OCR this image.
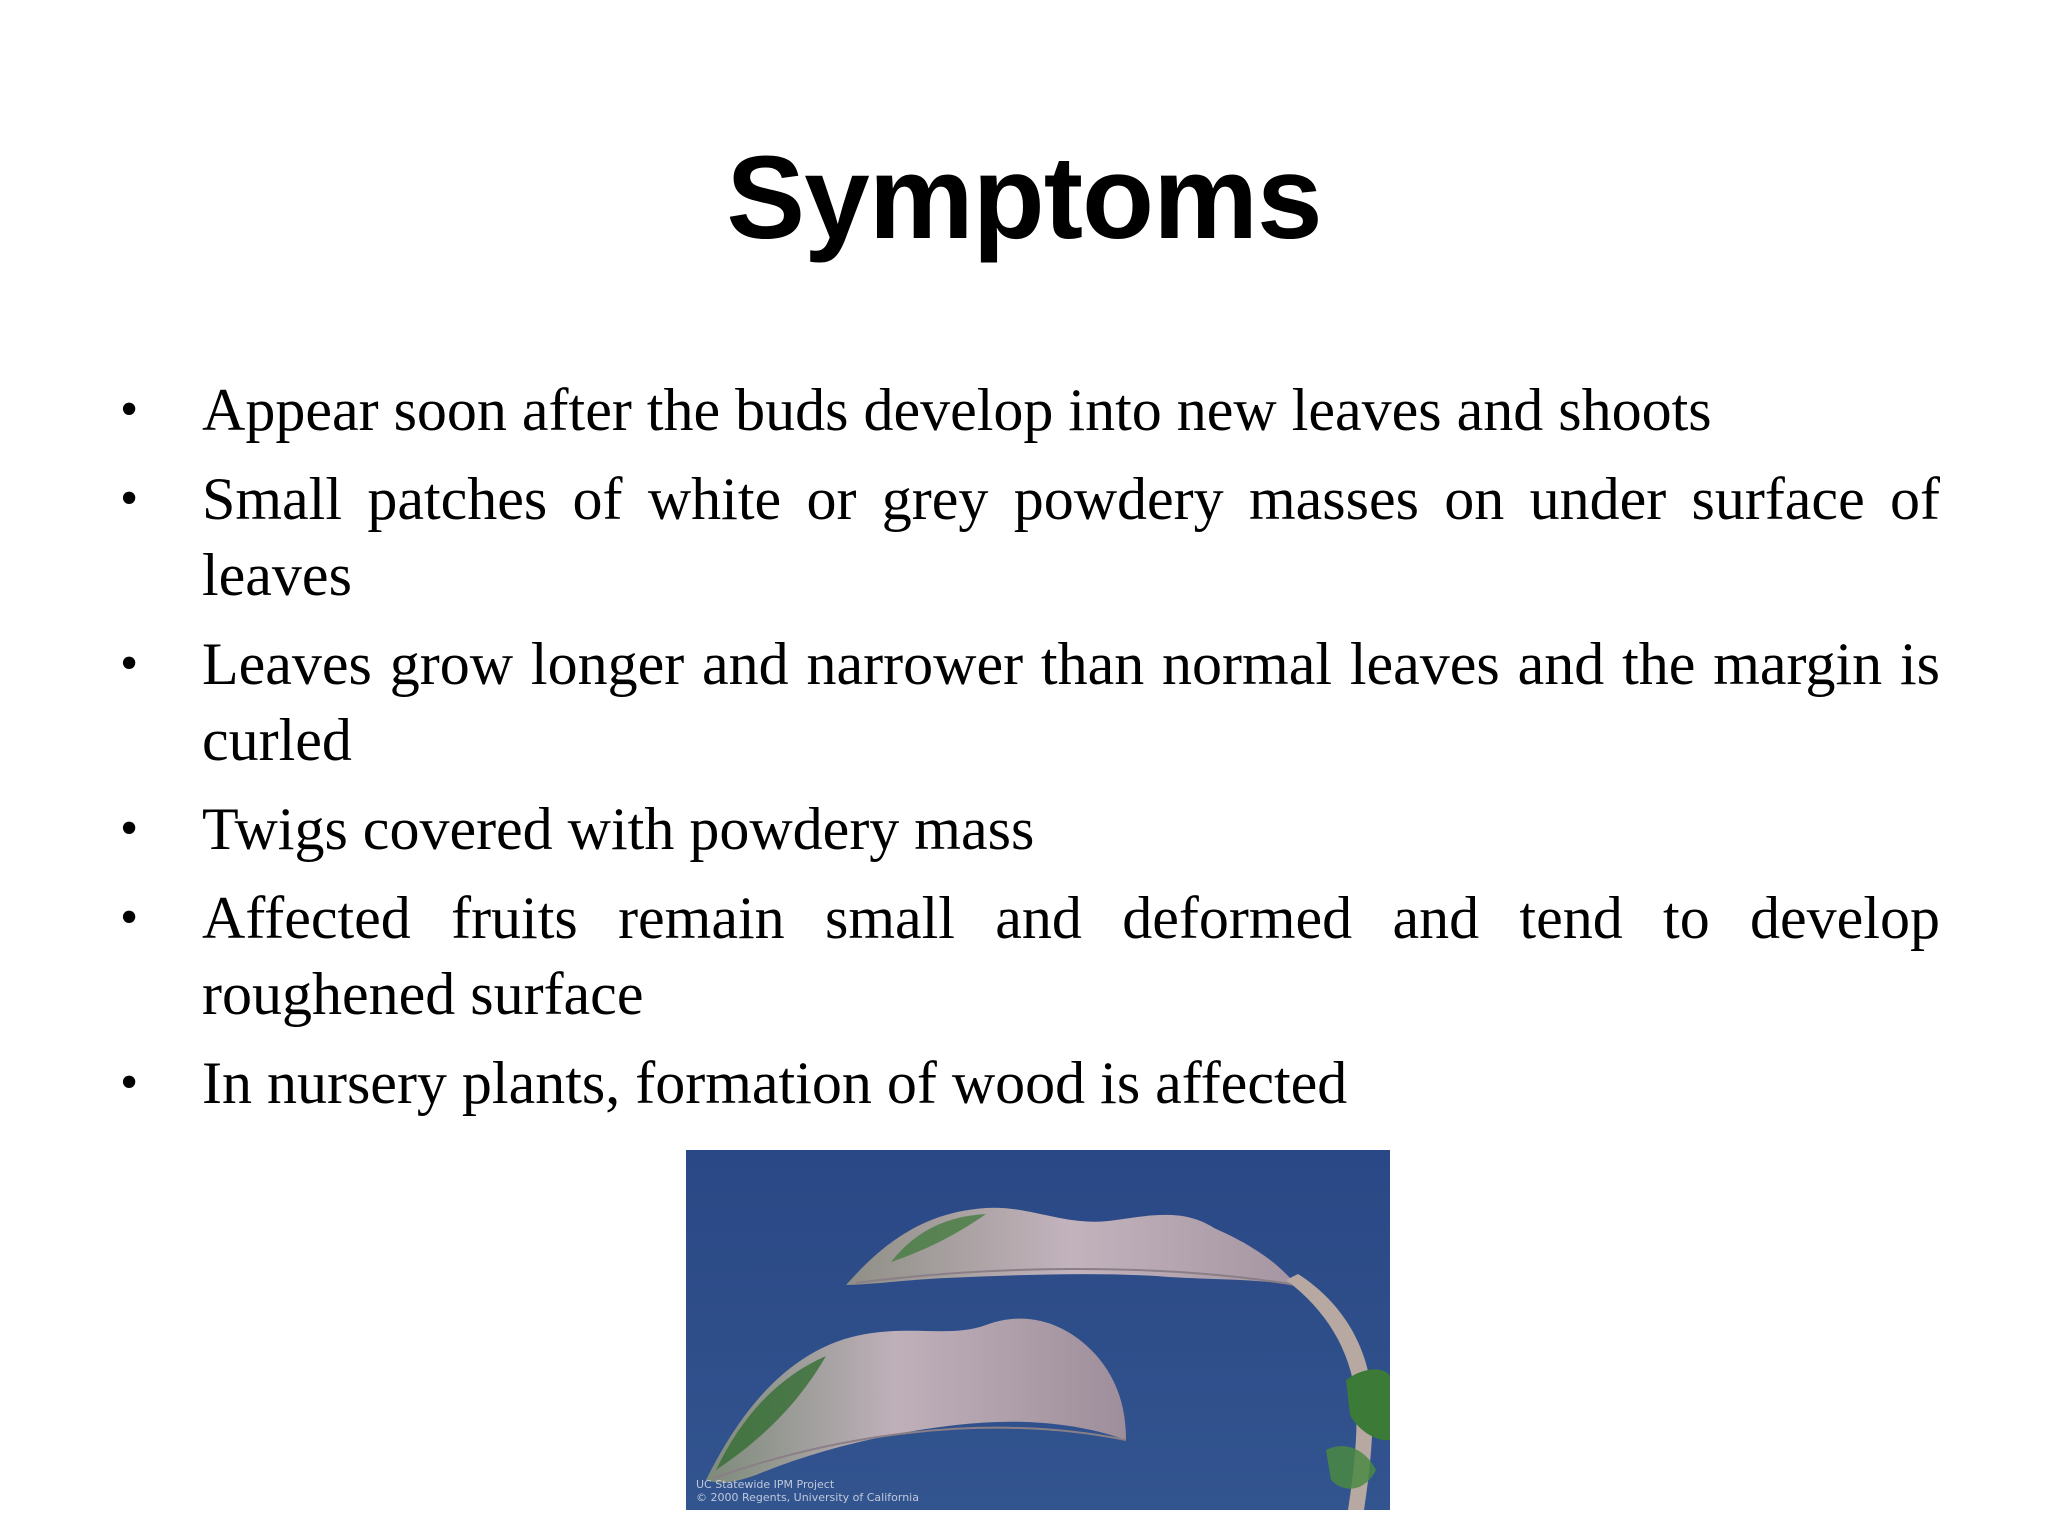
Symptoms
•	Appear soon after the buds develop into new leaves and shoots
•	Small patches of white or grey powdery masses on under surface of leaves
•	Leaves grow longer and narrower than normal leaves and the margin is curled
•	Twigs covered with powdery mass
•	Affected fruits remain small and deformed and tend to develop roughened surface
•	In nursery plants, formation of wood is affected
UC Statewide IPM Project
© 2000 Regents, University of California
